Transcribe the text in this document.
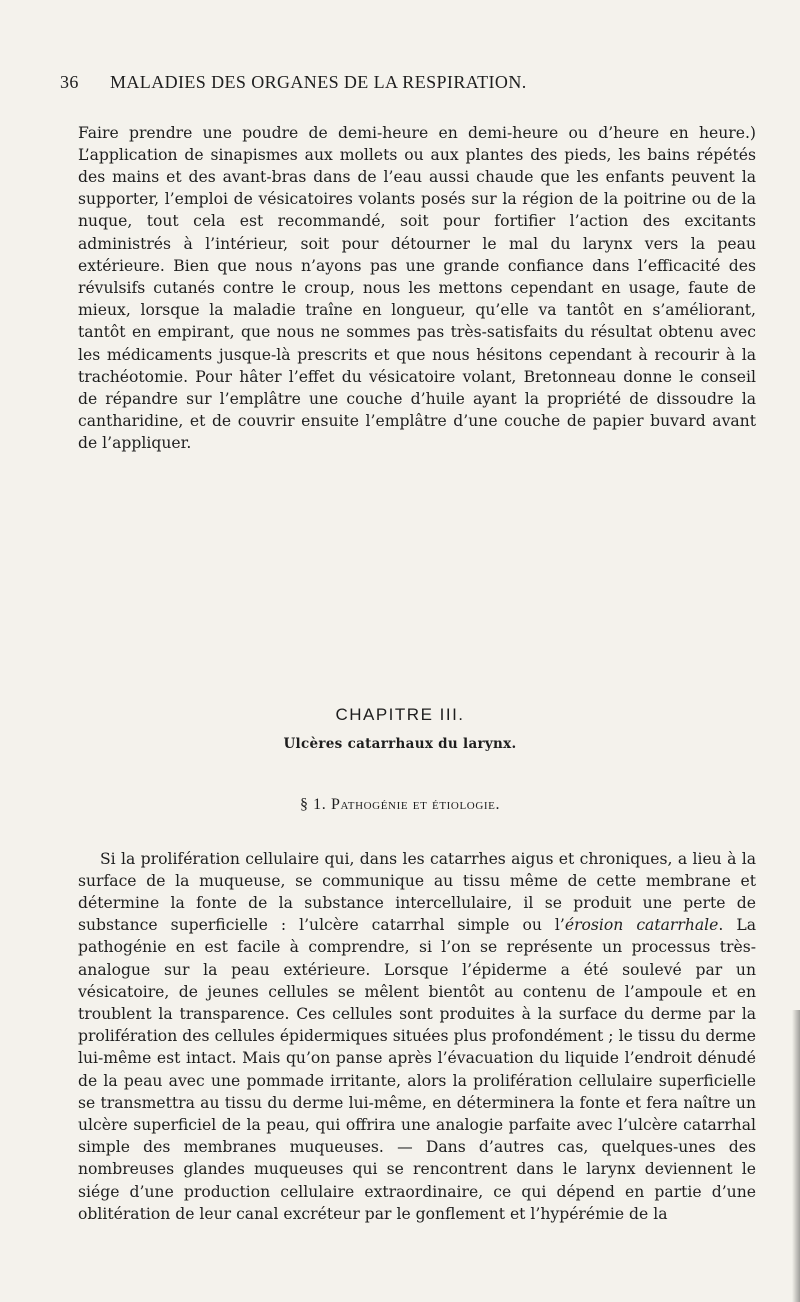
36 MALADIES DES ORGANES DE LA RESPIRATION.

Faire prendre une poudre de demi-heure en demi-heure ou d’heure en heure.) L’application de sinapismes aux mollets ou aux plantes des pieds, les bains répétés des mains et des avant-bras dans de l’eau aussi chaude que les enfants peuvent la supporter, l’emploi de vésicatoires volants posés sur la région de la poitrine ou de la nuque, tout cela est recommandé, soit pour fortifier l’action des excitants administrés à l’intérieur, soit pour détourner le mal du larynx vers la peau extérieure. Bien que nous n’ayons pas une grande confiance dans l’efficacité des révulsifs cutanés contre le croup, nous les mettons cependant en usage, faute de mieux, lorsque la maladie traîne en longueur, qu’elle va tantôt en s’améliorant, tantôt en empirant, que nous ne sommes pas très-satisfaits du résultat obtenu avec les médicaments jusque-là prescrits et que nous hésitons cependant à recourir à la trachéotomie. Pour hâter l’effet du vésicatoire volant, Bretonneau donne le conseil de répandre sur l’emplâtre une couche d’huile ayant la propriété de dissoudre la cantharidine, et de couvrir ensuite l’emplâtre d’une couche de papier buvard avant de l’appliquer.

CHAPITRE III.
Ulcères catarrhaux du larynx.
§ 1. Pathogénie et étiologie.

Si la prolifération cellulaire qui, dans les catarrhes aigus et chroniques, a lieu à la surface de la muqueuse, se communique au tissu même de cette membrane et détermine la fonte de la substance intercellulaire, il se produit une perte de substance superficielle : l’ulcère catarrhal simple ou l’érosion catarrhale. La pathogénie en est facile à comprendre, si l’on se représente un processus très-analogue sur la peau extérieure. Lorsque l’épiderme a été soulevé par un vésicatoire, de jeunes cellules se mêlent bientôt au contenu de l’ampoule et en troublent la transparence. Ces cellules sont produites à la surface du derme par la prolifération des cellules épidermiques situées plus profondément ; le tissu du derme lui-même est intact. Mais qu’on panse après l’évacuation du liquide l’endroit dénudé de la peau avec une pommade irritante, alors la prolifération cellulaire superficielle se transmettra au tissu du derme lui-même, en déterminera la fonte et fera naître un ulcère superficiel de la peau, qui offrira une analogie parfaite avec l’ulcère catarrhal simple des membranes muqueuses. — Dans d’autres cas, quelques-unes des nombreuses glandes muqueuses qui se rencontrent dans le larynx deviennent le siége d’une production cellulaire extraordinaire, ce qui dépend en partie d’une oblitération de leur canal excréteur par le gonflement et l’hypérémie de la
